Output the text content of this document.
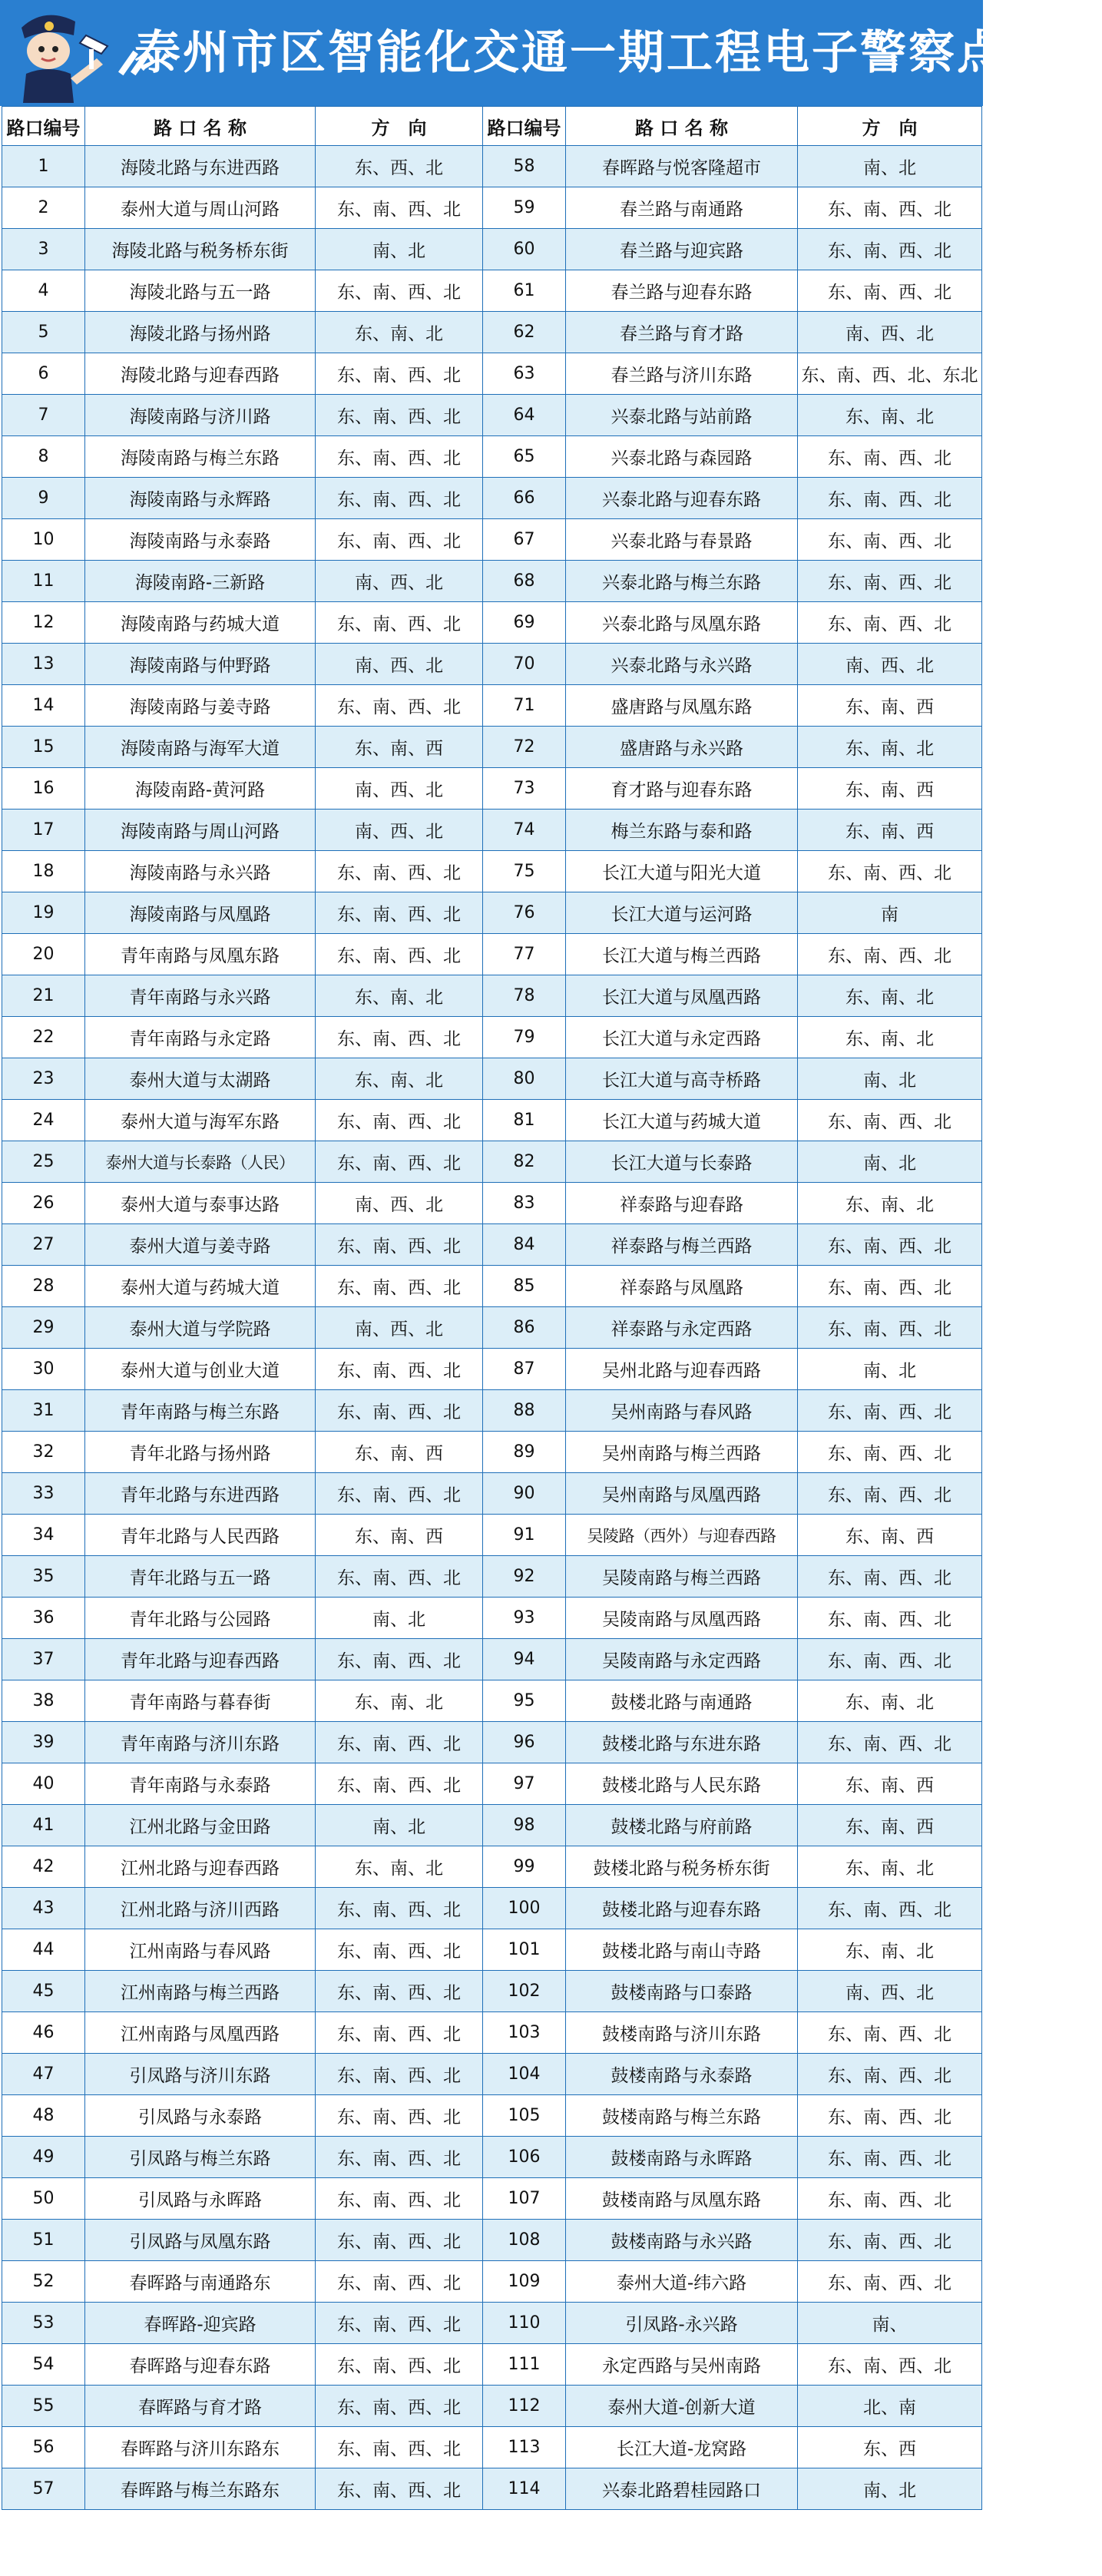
泰州市区智能化交通一期工程电子警察点位表
路口编号	路 口 名 称	方　向	路口编号	路 口 名 称	方　向
1	海陵北路与东进西路	东、西、北	58	春晖路与悦客隆超市	南、北
2	泰州大道与周山河路	东、南、西、北	59	春兰路与南通路	东、南、西、北
3	海陵北路与税务桥东街	南、北	60	春兰路与迎宾路	东、南、西、北
4	海陵北路与五一路	东、南、西、北	61	春兰路与迎春东路	东、南、西、北
5	海陵北路与扬州路	东、南、北	62	春兰路与育才路	南、西、北
6	海陵北路与迎春西路	东、南、西、北	63	春兰路与济川东路	东、南、西、北、东北
7	海陵南路与济川路	东、南、西、北	64	兴泰北路与站前路	东、南、北
8	海陵南路与梅兰东路	东、南、西、北	65	兴泰北路与森园路	东、南、西、北
9	海陵南路与永辉路	东、南、西、北	66	兴泰北路与迎春东路	东、南、西、北
10	海陵南路与永泰路	东、南、西、北	67	兴泰北路与春景路	东、南、西、北
11	海陵南路-三新路	南、西、北	68	兴泰北路与梅兰东路	东、南、西、北
12	海陵南路与药城大道	东、南、西、北	69	兴泰北路与凤凰东路	东、南、西、北
13	海陵南路与仲野路	南、西、北	70	兴泰北路与永兴路	南、西、北
14	海陵南路与姜寺路	东、南、西、北	71	盛唐路与凤凰东路	东、南、西
15	海陵南路与海军大道	东、南、西	72	盛唐路与永兴路	东、南、北
16	海陵南路-黄河路	南、西、北	73	育才路与迎春东路	东、南、西
17	海陵南路与周山河路	南、西、北	74	梅兰东路与泰和路	东、南、西
18	海陵南路与永兴路	东、南、西、北	75	长江大道与阳光大道	东、南、西、北
19	海陵南路与凤凰路	东、南、西、北	76	长江大道与运河路	南
20	青年南路与凤凰东路	东、南、西、北	77	长江大道与梅兰西路	东、南、西、北
21	青年南路与永兴路	东、南、北	78	长江大道与凤凰西路	东、南、北
22	青年南路与永定路	东、南、西、北	79	长江大道与永定西路	东、南、北
23	泰州大道与太湖路	东、南、北	80	长江大道与高寺桥路	南、北
24	泰州大道与海军东路	东、南、西、北	81	长江大道与药城大道	东、南、西、北
25	泰州大道与长泰路（人民）	东、南、西、北	82	长江大道与长泰路	南、北
26	泰州大道与泰事达路	南、西、北	83	祥泰路与迎春路	东、南、北
27	泰州大道与姜寺路	东、南、西、北	84	祥泰路与梅兰西路	东、南、西、北
28	泰州大道与药城大道	东、南、西、北	85	祥泰路与凤凰路	东、南、西、北
29	泰州大道与学院路	南、西、北	86	祥泰路与永定西路	东、南、西、北
30	泰州大道与创业大道	东、南、西、北	87	吴州北路与迎春西路	南、北
31	青年南路与梅兰东路	东、南、西、北	88	吴州南路与春风路	东、南、西、北
32	青年北路与扬州路	东、南、西	89	吴州南路与梅兰西路	东、南、西、北
33	青年北路与东进西路	东、南、西、北	90	吴州南路与凤凰西路	东、南、西、北
34	青年北路与人民西路	东、南、西	91	吴陵路（西外）与迎春西路	东、南、西
35	青年北路与五一路	东、南、西、北	92	吴陵南路与梅兰西路	东、南、西、北
36	青年北路与公园路	南、北	93	吴陵南路与凤凰西路	东、南、西、北
37	青年北路与迎春西路	东、南、西、北	94	吴陵南路与永定西路	东、南、西、北
38	青年南路与暮春街	东、南、北	95	鼓楼北路与南通路	东、南、北
39	青年南路与济川东路	东、南、西、北	96	鼓楼北路与东进东路	东、南、西、北
40	青年南路与永泰路	东、南、西、北	97	鼓楼北路与人民东路	东、南、西
41	江州北路与金田路	南、北	98	鼓楼北路与府前路	东、南、西
42	江州北路与迎春西路	东、南、北	99	鼓楼北路与税务桥东街	东、南、北
43	江州北路与济川西路	东、南、西、北	100	鼓楼北路与迎春东路	东、南、西、北
44	江州南路与春风路	东、南、西、北	101	鼓楼北路与南山寺路	东、南、北
45	江州南路与梅兰西路	东、南、西、北	102	鼓楼南路与口泰路	南、西、北
46	江州南路与凤凰西路	东、南、西、北	103	鼓楼南路与济川东路	东、南、西、北
47	引凤路与济川东路	东、南、西、北	104	鼓楼南路与永泰路	东、南、西、北
48	引凤路与永泰路	东、南、西、北	105	鼓楼南路与梅兰东路	东、南、西、北
49	引凤路与梅兰东路	东、南、西、北	106	鼓楼南路与永晖路	东、南、西、北
50	引凤路与永晖路	东、南、西、北	107	鼓楼南路与凤凰东路	东、南、西、北
51	引凤路与凤凰东路	东、南、西、北	108	鼓楼南路与永兴路	东、南、西、北
52	春晖路与南通路东	东、南、西、北	109	泰州大道-纬六路	东、南、西、北
53	春晖路-迎宾路	东、南、西、北	110	引凤路-永兴路	南、
54	春晖路与迎春东路	东、南、西、北	111	永定西路与吴州南路	东、南、西、北
55	春晖路与育才路	东、南、西、北	112	泰州大道-创新大道	北、南
56	春晖路与济川东路东	东、南、西、北	113	长江大道-龙窝路	东、西
57	春晖路与梅兰东路东	东、南、西、北	114	兴泰北路碧桂园路口	南、北
